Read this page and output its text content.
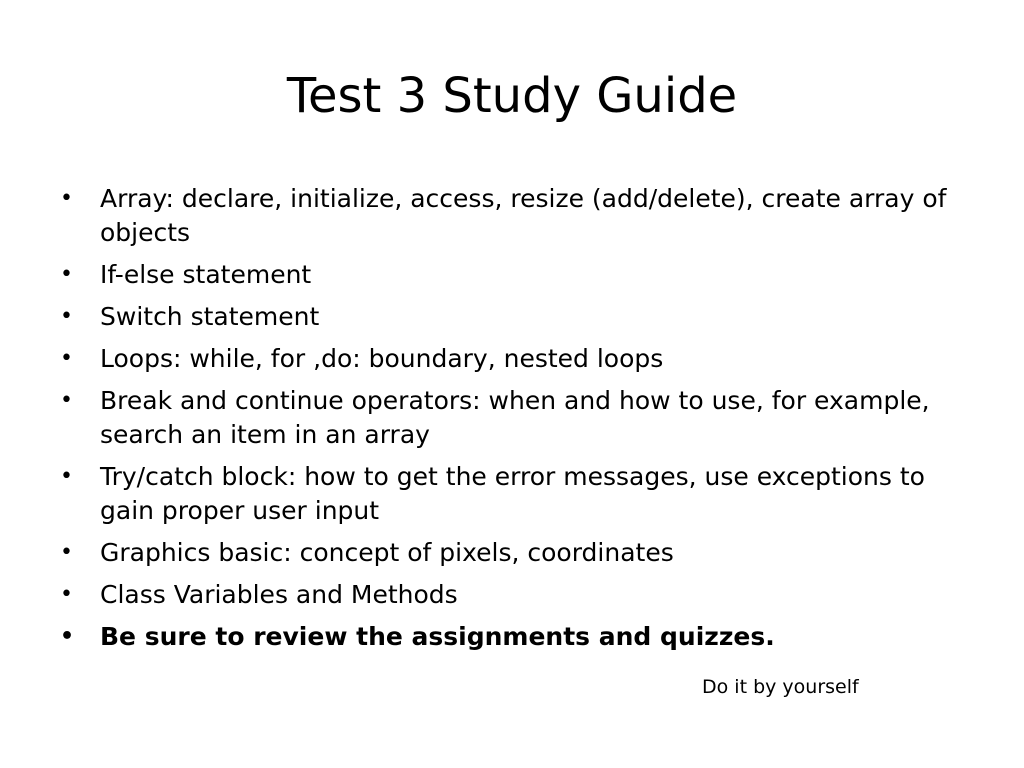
Test 3 Study Guide
• Array: declare, initialize, access, resize (add/delete), create array of objects
• If-else statement
• Switch statement
• Loops: while, for ,do: boundary, nested loops
• Break and continue operators: when and how to use, for example, search an item in an array
• Try/catch block: how to get the error messages, use exceptions to gain proper user input
• Graphics basic: concept of pixels, coordinates
• Class Variables and Methods
• Be sure to review the assignments and quizzes.
Do it by yourself
